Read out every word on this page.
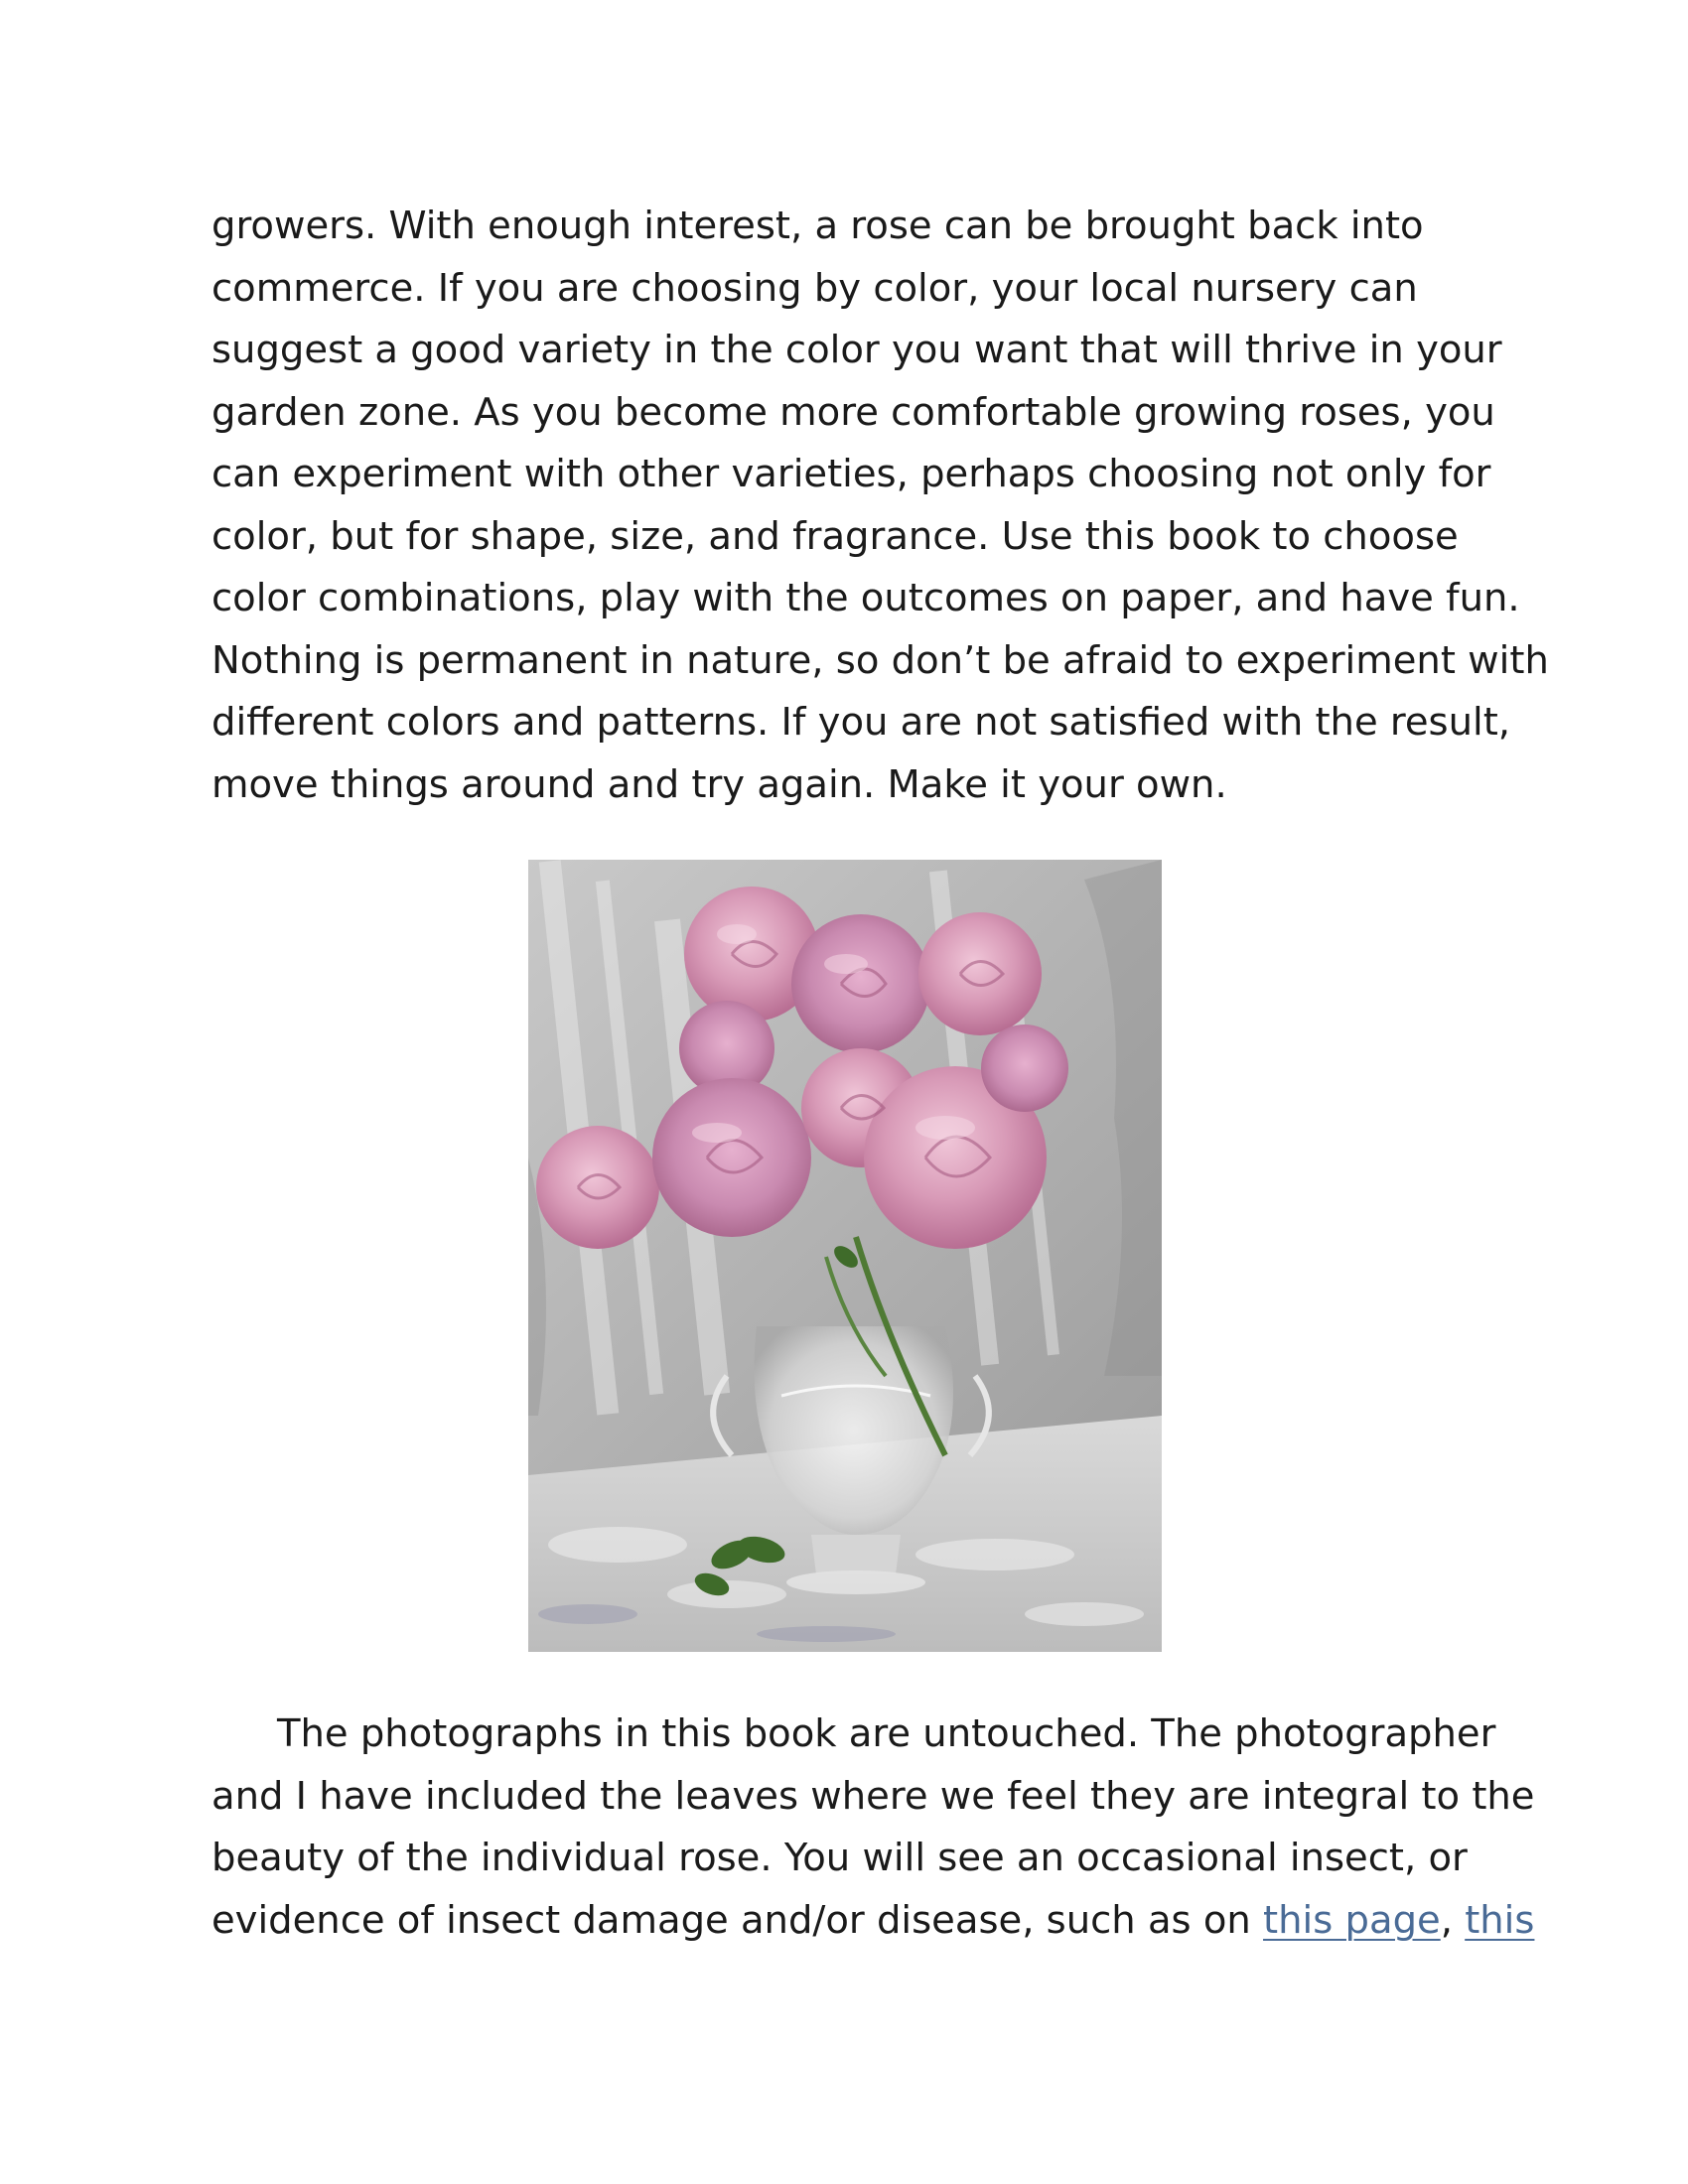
growers. With enough interest, a rose can be brought back into
commerce. If you are choosing by color, your local nursery can
suggest a good variety in the color you want that will thrive in your
garden zone. As you become more comfortable growing roses, you
can experiment with other varieties, perhaps choosing not only for
color, but for shape, size, and fragrance. Use this book to choose
color combinations, play with the outcomes on paper, and have fun.
Nothing is permanent in nature, so don’t be afraid to experiment with
different colors and patterns. If you are not satisfied with the result,
move things around and try again. Make it your own.
The photographs in this book are untouched. The photographer
and I have included the leaves where we feel they are integral to the
beauty of the individual rose. You will see an occasional insect, or
evidence of insect damage and/or disease, such as on this page, this
